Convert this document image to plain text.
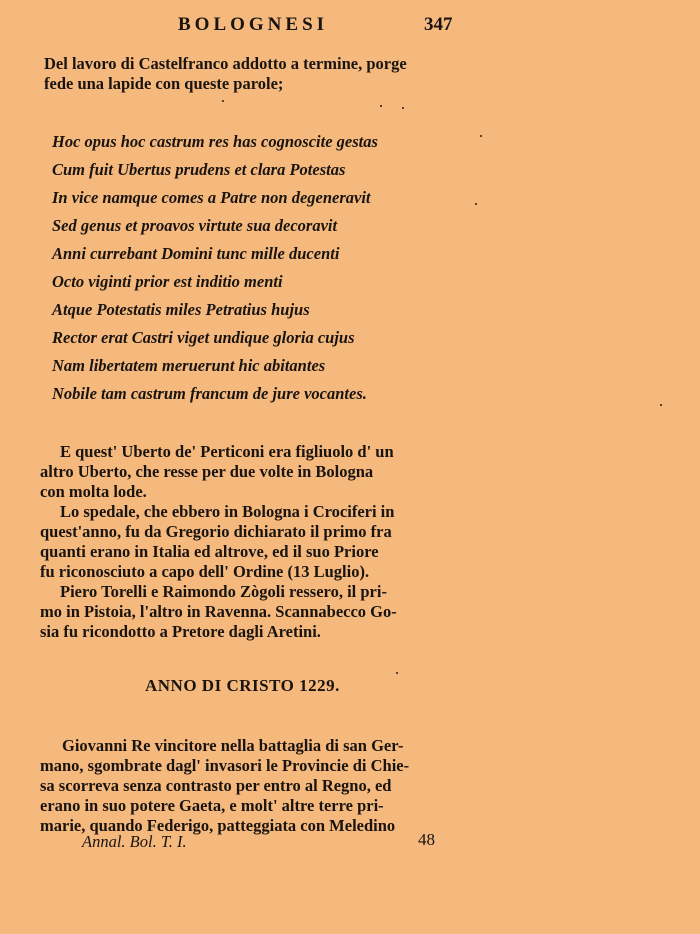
BOLOGNESI	347
Del lavoro di Castelfranco addotto a termine, porge
fede una lapide con queste parole;
Hoc opus hoc castrum res has cognoscite gestas
Cum fuit Ubertus prudens et clara Potestas
In vice namque comes a Patre non degeneravit
Sed genus et proavos virtute sua decoravit
Anni currebant Domini tunc mille ducenti
Octo viginti prior est inditio menti
Atque Potestatis miles Petratius hujus
Rector erat Castri viget undique gloria cujus
Nam libertatem meruerunt hic abitantes
Nobile tam castrum francum de jure vocantes.
E quest' Uberto de' Perticoni era figliuolo d' un
altro Uberto, che resse per due volte in Bologna
con molta lode.
Lo spedale, che ebbero in Bologna i Crociferi in
quest'anno, fu da Gregorio dichiarato il primo fra
quanti erano in Italia ed altrove, ed il suo Priore
fu riconosciuto a capo dell' Ordine (13 Luglio).
Piero Torelli e Raimondo Zògoli ressero, il pri-
mo in Pistoia, l'altro in Ravenna. Scannabecco Go-
sia fu ricondotto a Pretore dagli Aretini.
ANNO DI CRISTO 1229.
Giovanni Re vincitore nella battaglia di san Ger-
mano, sgombrate dagl' invasori le Provincie di Chie-
sa scorreva senza contrasto per entro al Regno, ed
erano in suo potere Gaeta, e molt' altre terre pri-
marie, quando Federigo, patteggiata con Meledino
Annal. Bol. T. I.	48
